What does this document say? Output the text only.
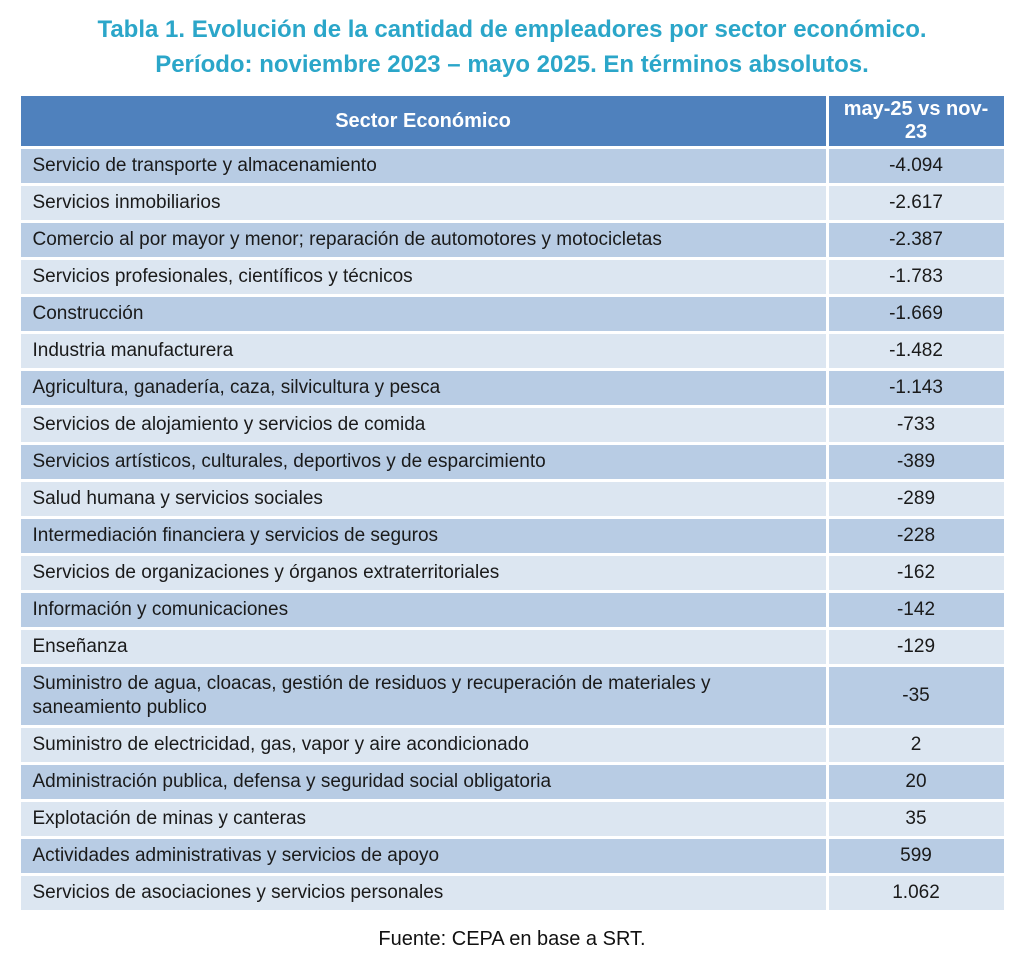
Tabla 1. Evolución de la cantidad de empleadores por sector económico.
Período: noviembre 2023 – mayo 2025. En términos absolutos.
Sector Económico	may-25 vs nov-23
Servicio de transporte y almacenamiento	-4.094
Servicios inmobiliarios	-2.617
Comercio al por mayor y menor; reparación de automotores y motocicletas	-2.387
Servicios profesionales, científicos y técnicos	-1.783
Construcción	-1.669
Industria manufacturera	-1.482
Agricultura, ganadería, caza, silvicultura y pesca	-1.143
Servicios de alojamiento y servicios de comida	-733
Servicios artísticos, culturales, deportivos y de esparcimiento	-389
Salud humana y servicios sociales	-289
Intermediación financiera y servicios de seguros	-228
Servicios de organizaciones y órganos extraterritoriales	-162
Información y comunicaciones	-142
Enseñanza	-129
Suministro de agua, cloacas, gestión de residuos y recuperación de materiales y saneamiento publico	-35
Suministro de electricidad, gas, vapor y aire acondicionado	2
Administración publica, defensa y seguridad social obligatoria	20
Explotación de minas y canteras	35
Actividades administrativas y servicios de apoyo	599
Servicios de asociaciones y servicios personales	1.062
Fuente: CEPA en base a SRT.
